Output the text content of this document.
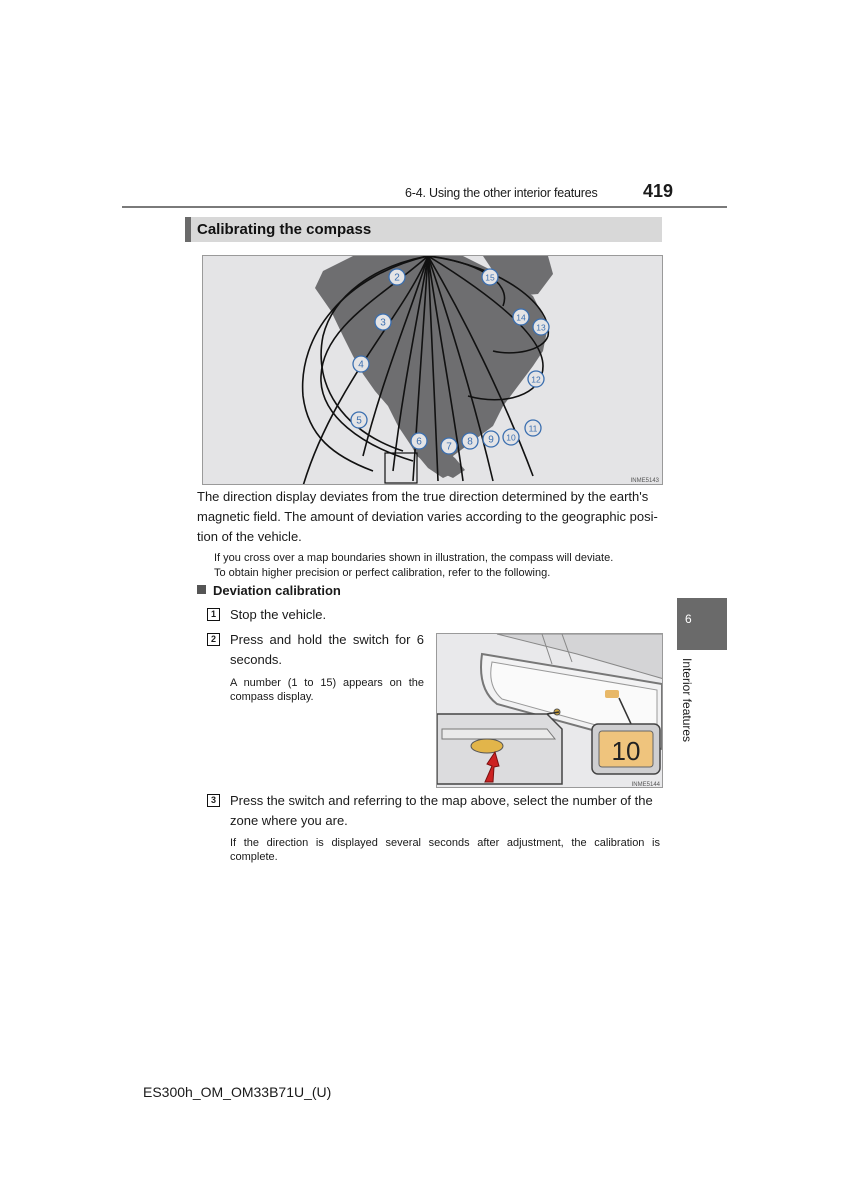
6-4. Using the other interior features	419
Calibrating the compass
2	15
3	14
13
4
12
5
11
6 7 8 9 10
INME5143
The direction display deviates from the true direction determined by the earth's magnetic field. The amount of deviation varies according to the geographic posi-tion of the vehicle.
If you cross over a map boundaries shown in illustration, the compass will deviate.
To obtain higher precision or perfect calibration, refer to the following.
Deviation calibration
1	Stop the vehicle.
2	Press and hold the switch for 6 seconds.
A number (1 to 15) appears on the compass display.
10
INME5144
3	Press the switch and referring to the map above, select the number of the zone where you are.
If the direction is displayed several seconds after adjustment, the calibration is complete.
6
Interior features
ES300h_OM_OM33B71U_(U)
